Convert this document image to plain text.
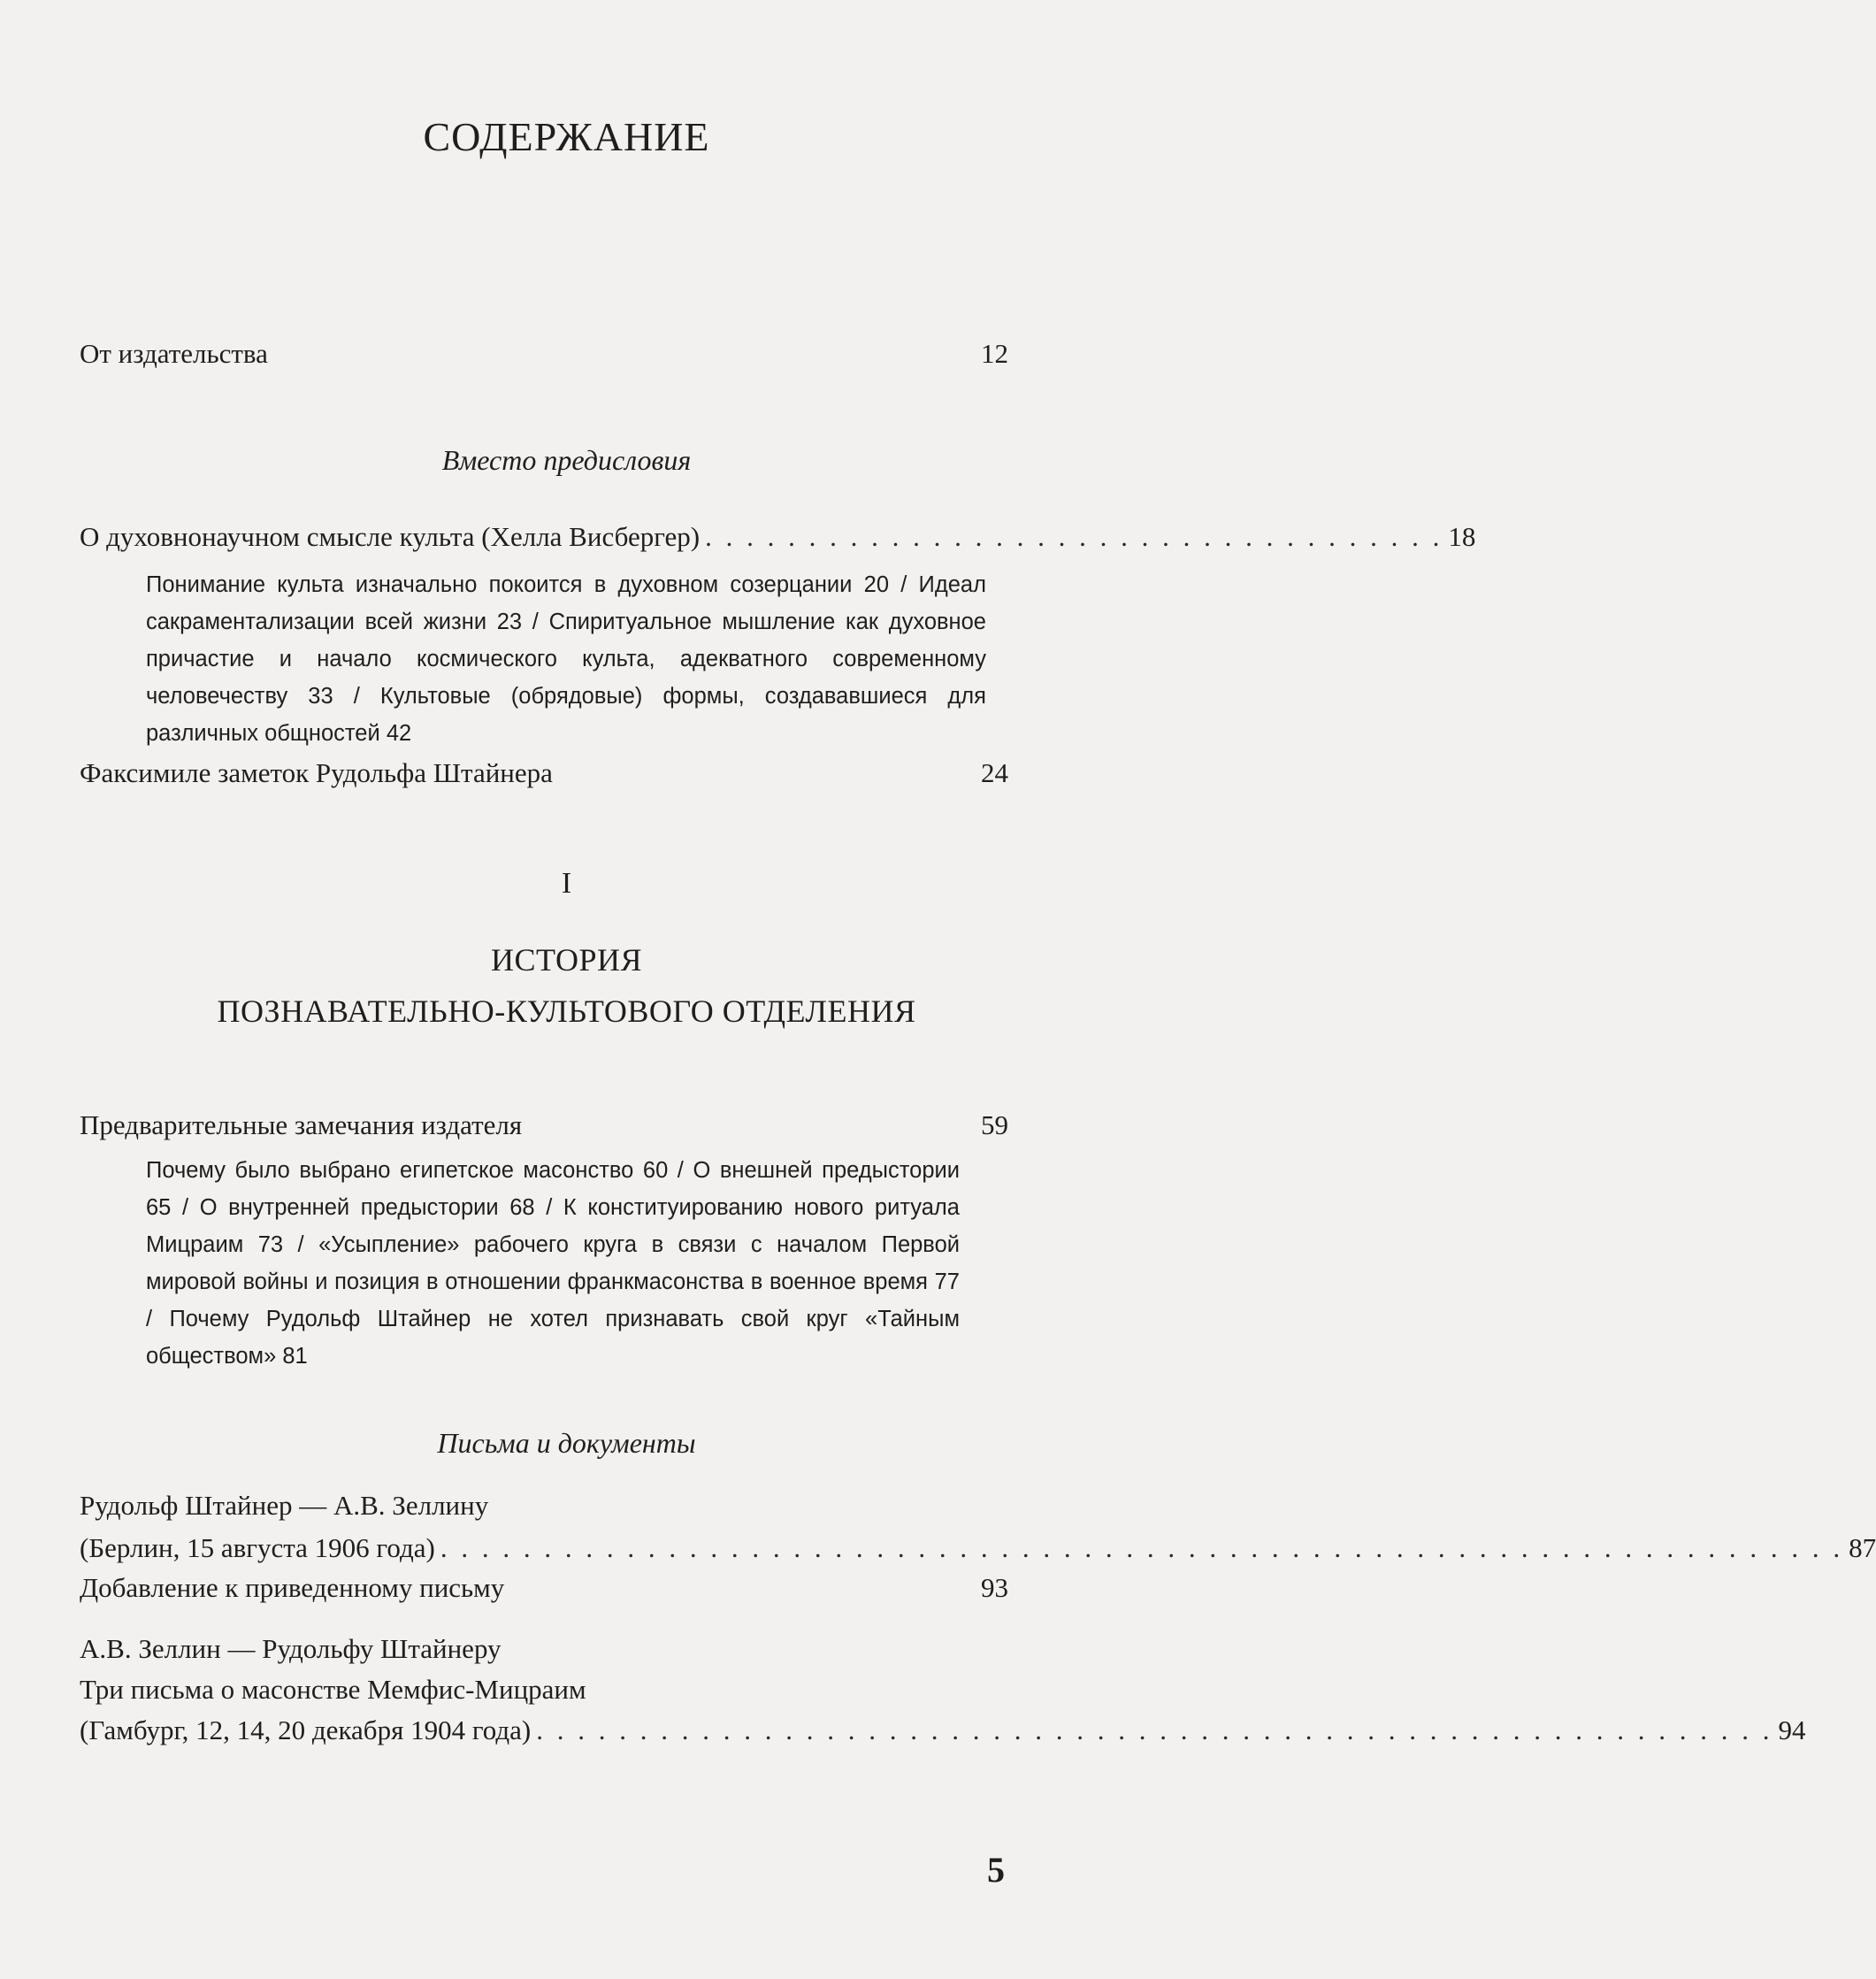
СОДЕРЖАНИЕ
От издательства	12
Вместо предисловия
О духовнонаучном смысле культа (Хелла Висбергер) . . . . . . . . . . . . . . . . . . . . . . . . . . . . . . . . . . . . 18
Понимание культа изначально покоится в духовном созерцании 20 / Идеал сакраментализации всей жизни 23 / Спиритуальное мышление как духовное причастие и начало космического культа, адекватного современному человечеству 33 / Культовые (обрядовые) формы, создававшиеся для различных общностей 42
Факсимиле заметок Рудольфа Штайнера	24
I
ИСТОРИЯ
ПОЗНАВАТЕЛЬНО-КУЛЬТОВОГО ОТДЕЛЕНИЯ
Предварительные замечания издателя	59
Почему было выбрано египетское масонство 60 / О внешней предыстории 65 / О внутренней предыстории 68 / К конституированию нового ритуала Мицраим 73 / «Усыпление» рабочего круга в связи с началом Первой мировой войны и позиция в отношении франкмасонства в военное время 77 / Почему Рудольф Штайнер не хотел признавать свой круг «Тайным обществом» 81
Письма и документы
Рудольф Штайнер — А.В. Зеллину
(Берлин, 15 августа 1906 года) . . . . . . . . . . . . . . . . . . . . . . . . . . . . . . . . . . . . . . . . . . . . . . . . . . . . . . . . . . . . . . . . . . . . 87
Добавление к приведенному письму	93
А.В. Зеллин — Рудольфу Штайнеру
Три письма о масонстве Мемфис-Мицраим
(Гамбург, 12, 14, 20 декабря 1904 года) . . . . . . . . . . . . . . . . . . . . . . . . . . . . . . . . . . . . . . . . . . . . . . . . . . . . . . . . . . . . 94
5
